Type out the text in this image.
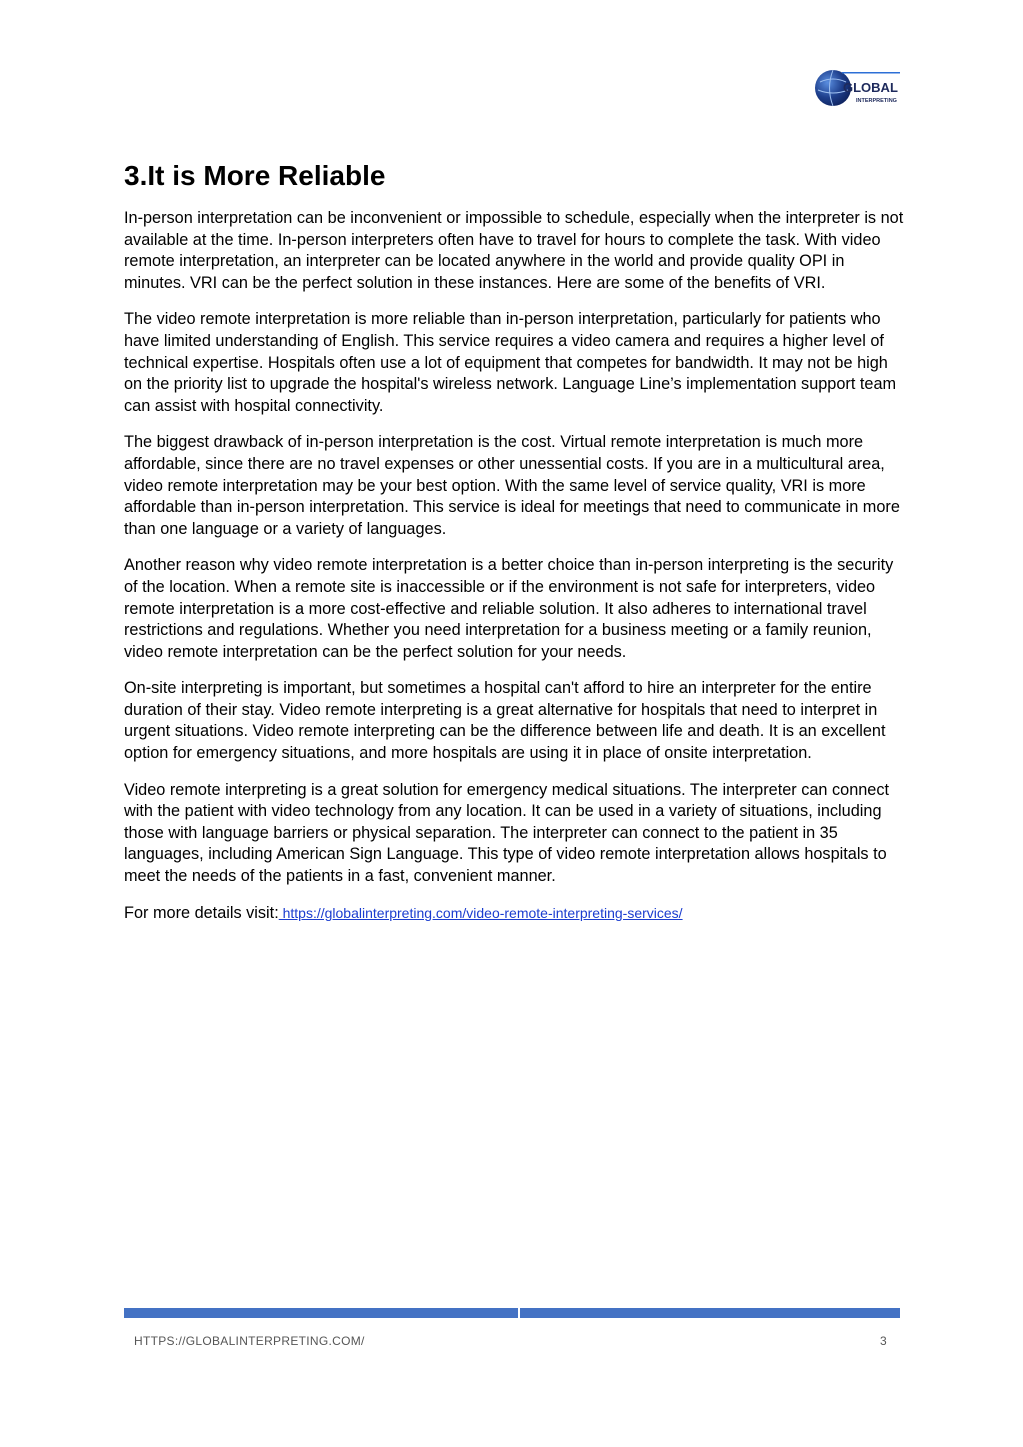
GLOBAL
INTERPRETING
3.It is More Reliable

In-person interpretation can be inconvenient or impossible to schedule, especially when the interpreter is not available at the time. In-person interpreters often have to travel for hours to complete the task. With video remote interpretation, an interpreter can be located anywhere in the world and provide quality OPI in minutes. VRI can be the perfect solution in these instances. Here are some of the benefits of VRI.

The video remote interpretation is more reliable than in-person interpretation, particularly for patients who have limited understanding of English. This service requires a video camera and requires a higher level of technical expertise. Hospitals often use a lot of equipment that competes for bandwidth. It may not be high on the priority list to upgrade the hospital's wireless network. Language Line’s implementation support team can assist with hospital connectivity.

The biggest drawback of in-person interpretation is the cost. Virtual remote interpretation is much more affordable, since there are no travel expenses or other unessential costs. If you are in a multicultural area, video remote interpretation may be your best option. With the same level of service quality, VRI is more affordable than in-person interpretation. This service is ideal for meetings that need to communicate in more than one language or a variety of languages.

Another reason why video remote interpretation is a better choice than in-person interpreting is the security of the location. When a remote site is inaccessible or if the environment is not safe for interpreters, video remote interpretation is a more cost-effective and reliable solution. It also adheres to international travel restrictions and regulations. Whether you need interpretation for a business meeting or a family reunion, video remote interpretation can be the perfect solution for your needs.

On-site interpreting is important, but sometimes a hospital can't afford to hire an interpreter for the entire duration of their stay. Video remote interpreting is a great alternative for hospitals that need to interpret in urgent situations. Video remote interpreting can be the difference between life and death. It is an excellent option for emergency situations, and more hospitals are using it in place of onsite interpretation.

Video remote interpreting is a great solution for emergency medical situations. The interpreter can connect with the patient with video technology from any location. It can be used in a variety of situations, including those with language barriers or physical separation. The interpreter can connect to the patient in 35 languages, including American Sign Language. This type of video remote interpretation allows hospitals to meet the needs of the patients in a fast, convenient manner.

For more details visit: https://globalinterpreting.com/video-remote-interpreting-services/

HTTPS://GLOBALINTERPRETING.COM/	3
